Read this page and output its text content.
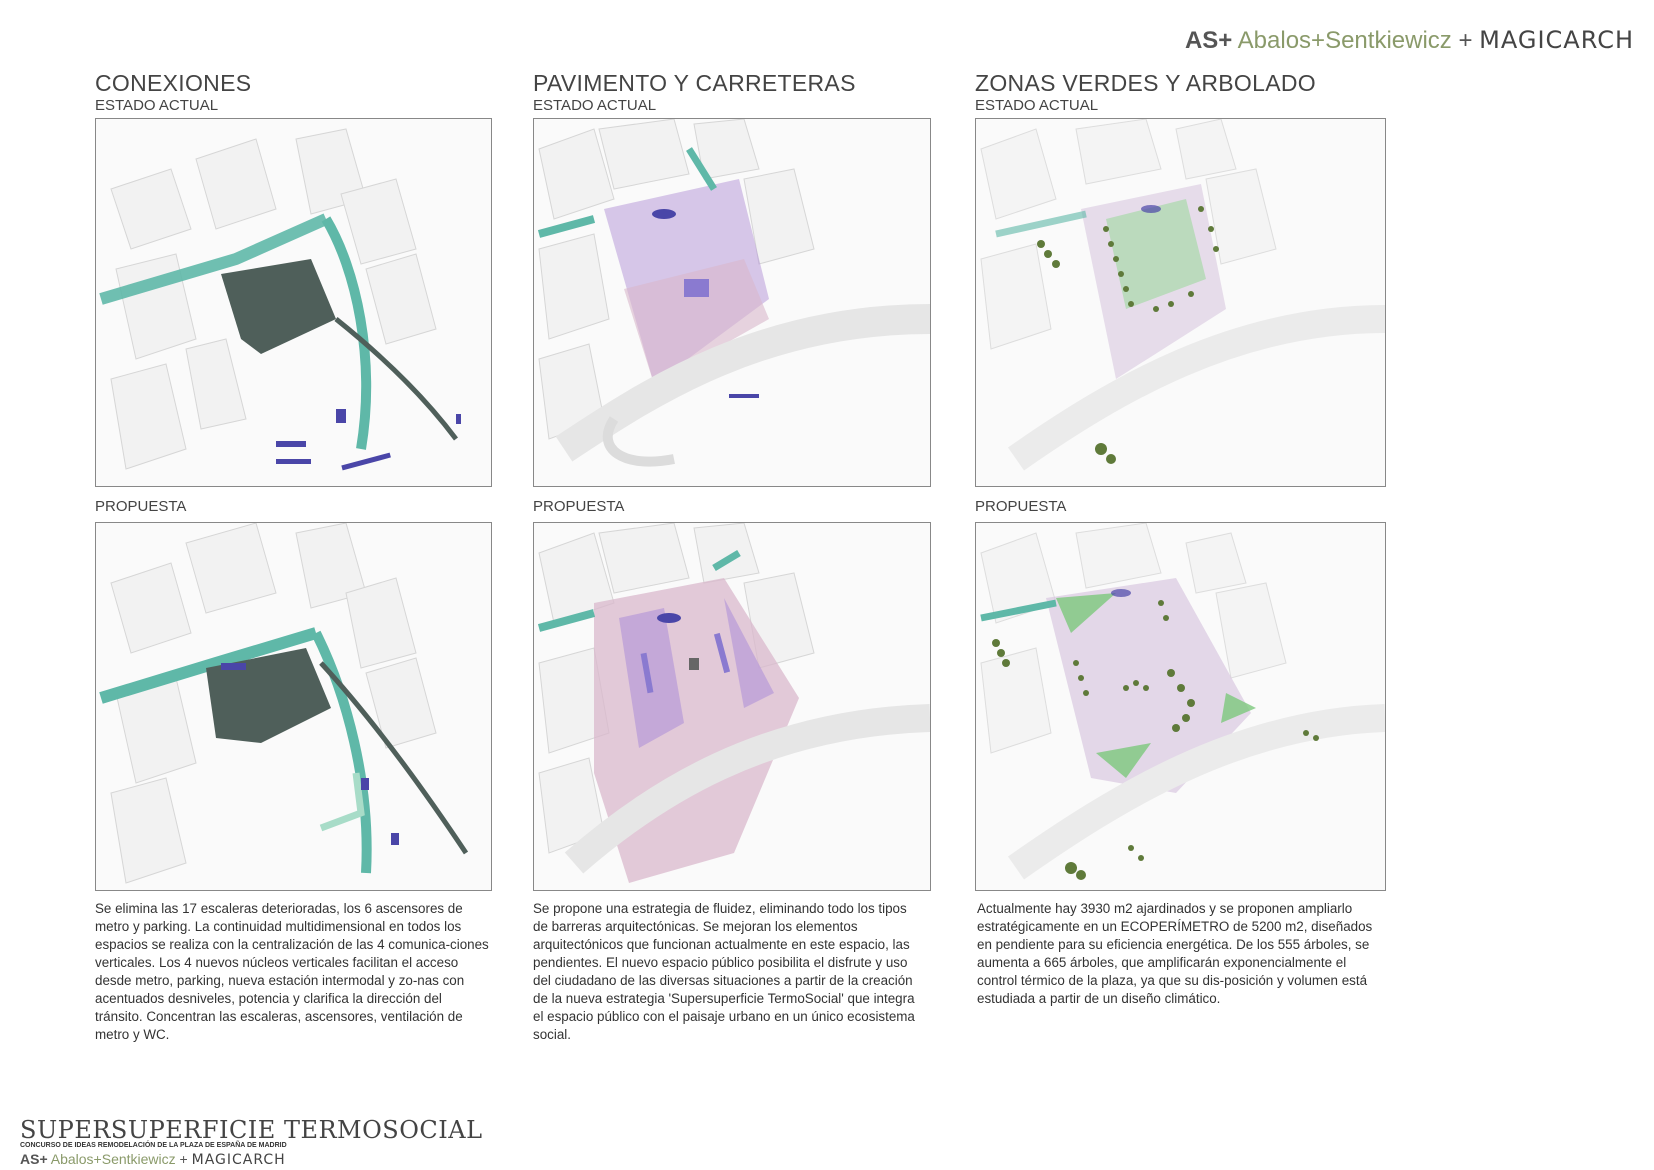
AS+ Abalos+Sentkiewicz + MAGICARCH
CONEXIONES	PAVIMENTO Y CARRETERAS	ZONAS VERDES Y ARBOLADO
ESTADO ACTUAL	ESTADO ACTUAL	ESTADO ACTUAL
PROPUESTA	PROPUESTA	PROPUESTA
Se elimina las 17 escaleras deterioradas, los 6 ascensores de metro y parking. La continuidad multidimensional en todos los espacios se realiza con la centralización de las 4 comunica-ciones verticales. Los 4 nuevos núcleos verticales facilitan el acceso desde metro, parking, nueva estación intermodal y zo-nas con acentuados desniveles, potencia y clarifica la dirección del tránsito. Concentran las escaleras, ascensores, ventilación de metro y WC.
Se propone una estrategia de fluidez, eliminando todo los tipos de barreras arquitectónicas. Se mejoran los elementos arquitectónicos que funcionan actualmente en este espacio, las pendientes. El nuevo espacio público posibilita el disfrute y uso del ciudadano de las diversas situaciones a partir de la creación de la nueva estrategia 'Supersuperficie TermoSocial' que integra el espacio público con el paisaje urbano en un único ecosistema social.
Actualmente hay 3930 m2 ajardinados y se proponen ampliarlo estratégicamente en un ECOPERÍMETRO de 5200 m2, diseñados en pendiente para su eficiencia energética. De los 555 árboles, se aumenta a 665 árboles, que amplificarán exponencialmente el control térmico de la plaza, ya que su dis-posición y volumen está estudiada a partir de un diseño climático.
SUPERSUPERFICIE TERMOSOCIAL
CONCURSO DE IDEAS REMODELACIÓN DE LA PLAZA DE ESPAÑA DE MADRID
AS+ Abalos+Sentkiewicz + MAGICARCH
